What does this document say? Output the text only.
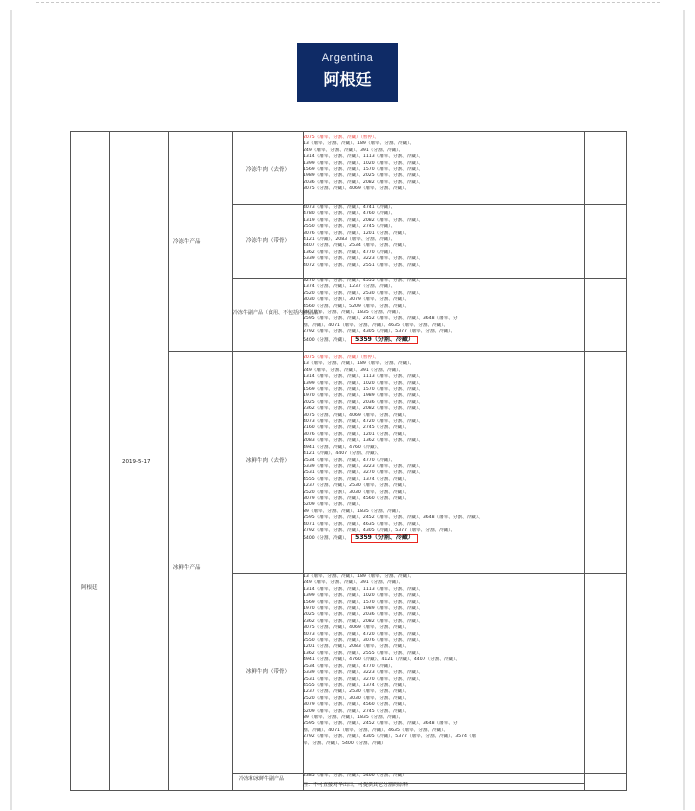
Argentina
阿根廷
阿根廷
2019-5-17
冷冻牛产品
冰鲜牛产品
冷冻牛肉（去骨）
冷冻牛肉（带骨）
冷冻牛副产品（食用、不包括内脏副品）
冰鲜牛肉（去骨）
冰鲜牛肉（带骨）
冷冻和冰鲜牛副产品
2075（屠宰、分割、冷藏）（暂停）、
13（屠宰、分割、冷藏）、189（屠宰、分割、冷藏）、
249（屠宰、分割、冷藏）、391（分割、冷藏）、
1314（屠宰、分割、冷藏）、1113（屠宰、分割、冷藏）、
1399（屠宰、分割、冷藏）、1020（屠宰、分割、冷藏）、
1569（屠宰、分割、冷藏）、1570（屠宰、分割、冷藏）、
1989（屠宰、分割、冷藏）、2025（屠宰、分割、冷藏）、
2036（屠宰、分割、冷藏）、2082（屠宰、分割、冷藏）、
3075（分割、冷藏）、4069（屠宰、分割、冷藏）、
4073（屠宰、分割、冷藏）、4741（冷藏）、
4780（屠宰、分割、冷藏）、4760（冷藏）、
1319（屠宰、分割、冷藏）、2082（屠宰、分割、冷藏）、
2550（屠宰、分割、冷藏）、2745（冷藏）、
3076（屠宰、分割、冷藏）、1201（分割、冷藏）、
4121（冷藏）、2083（屠宰、分割、冷藏）、
4407（分割、冷藏）、2534（屠宰、分割、冷藏）、
1362（屠宰、分割、冷藏）、4770（冷藏）、
5339（屠宰、分割、冷藏）、3223（屠宰、分割、冷藏）、
4072（屠宰、分割、冷藏）、2551（屠宰、分割、冷藏）、
3270（屠宰、分割、冷藏）、4555（屠宰、分割、冷藏）、
1374（分割、冷藏）、1237（分割、冷藏）、
2520（屠宰、分割、冷藏）、2530（屠宰、分割、冷藏）、
3030（屠宰、分割）、3079（屠宰、分割、冷藏）、
4560（分割、冷藏）、5209（屠宰、分割、冷藏）、
89（屠宰、分割、冷藏）、1835（分割、冷藏）、
2595（屠宰、分割、冷藏）、2452（屠宰、分割、冷藏）、3648（屠宰、分
割、冷藏）、4071（屠宰、分割、冷藏）、4635（屠宰、分割、冷藏）、
2792（屠宰、分割、冷藏）、4305（冷藏）、5377（屠宰、分割、冷藏）、
5400（分割、冷藏）、 5359（分割、冷藏）
2075（屠宰、分割、冷藏）（暂停）、
13（屠宰、分割、冷藏）、189（屠宰、分割、冷藏）、
249（屠宰、分割、冷藏）、391（分割、冷藏）、
1314（屠宰、分割、冷藏）、1113（屠宰、分割、冷藏）、
1399（屠宰、分割、冷藏）、1020（屠宰、分割、冷藏）、
1569（屠宰、分割、冷藏）、1570（屠宰、分割、冷藏）、
1970（屠宰、分割、冷藏）、1989（屠宰、分割、冷藏）、
2025（屠宰、分割、冷藏）、2036（屠宰、分割、冷藏）、
2362（屠宰、分割、冷藏）、2082（屠宰、分割、冷藏）、
3075（分割、冷藏）、4069（屠宰、分割、冷藏）、
4073（屠宰、分割、冷藏）、4720（屠宰、分割、冷藏）、
2160（屠宰、分割、冷藏）、2745（分割、冷藏）、
3076（屠宰、分割、冷藏）、1201（分割、冷藏）、
2083（屠宰、分割、冷藏）、1362（屠宰、分割、冷藏）、
4941（分割、冷藏）、4760（冷藏）、
4121（冷藏）、4407（分割、冷藏）、
2534（屠宰、分割、冷藏）、4770（冷藏）、
5339（屠宰、分割、冷藏）、3223（屠宰、分割、冷藏）、
2531（屠宰、分割、冷藏）、3270（屠宰、分割、冷藏）、
4555（屠宰、分割、冷藏）、1374（分割、冷藏）、
1237（分割、冷藏）、2530（屠宰、分割、冷藏）、
2520（屠宰、分割）、3030（屠宰、分割、冷藏）、
3079（屠宰、分割、冷藏）、4560（分割、冷藏）、
5209（屠宰、分割、冷藏）、
89（屠宰、分割、冷藏）、1835（分割、冷藏）、
2595（屠宰、分割、冷藏）、2452（屠宰、分割、冷藏）、3648（屠宰、分割、冷藏）、
4071（屠宰、分割、冷藏）、4635（屠宰、分割、冷藏）、
2792（屠宰、分割、冷藏）、4305（冷藏）、5377（屠宰、分割、冷藏）、
5400（分割、冷藏）、 5359（分割、冷藏）
13（屠宰、分割、冷藏）、189（屠宰、分割、冷藏）、
249（屠宰、分割、冷藏）、391（分割、冷藏）、
1314（屠宰、分割、冷藏）、1113（屠宰、分割、冷藏）、
1399（屠宰、分割、冷藏）、1020（屠宰、分割、冷藏）、
1569（屠宰、分割、冷藏）、1570（屠宰、分割、冷藏）、
1970（屠宰、分割、冷藏）、1989（屠宰、分割、冷藏）、
2025（屠宰、分割、冷藏）、2036（屠宰、分割、冷藏）、
2362（屠宰、分割、冷藏）、2082（屠宰、分割、冷藏）、
3075（分割、冷藏）、4069（屠宰、分割、冷藏）、
4073（屠宰、分割、冷藏）、4720（屠宰、分割、冷藏）、
2550（屠宰、分割、冷藏）、3076（屠宰、分割、冷藏）、
1201（分割、冷藏）、2083（屠宰、分割、冷藏）、
1362（屠宰、分割、冷藏）、2555（屠宰、分割、冷藏）、
4941（分割、冷藏）、4760（冷藏）、4121（冷藏）、4407（分割、冷藏）、
2534（屠宰、分割、冷藏）、4770（冷藏）、
5339（屠宰、分割、冷藏）、3223（屠宰、分割、冷藏）、
2531（屠宰、分割、冷藏）、3270（屠宰、分割、冷藏）、
4555（屠宰、分割、冷藏）、1374（分割、冷藏）、
1237（分割、冷藏）、2530（屠宰、分割、冷藏）、
2520（屠宰、分割）、3030（屠宰、分割、冷藏）、
3079（屠宰、分割、冷藏）、4560（分割、冷藏）、
5209（屠宰、分割、冷藏）、2745（分割、冷藏）、
89（屠宰、分割、冷藏）、1835（分割、冷藏）、
2595（屠宰、分割、冷藏）、2452（屠宰、分割、冷藏）、3648（屠宰、分
割、冷藏）、4071（屠宰、分割、冷藏）、4635（屠宰、分割、冷藏）、
2792（屠宰、分割、冷藏）、4305（冷藏）、5377（屠宰、分割、冷藏）、3574（屠
宰、分割、冷藏）、5400（分割、冷藏）
2385（屠宰、分割、冷藏）、5400（分割、冷藏）
注：不可直接对华出口，可提供其它分割的原料
